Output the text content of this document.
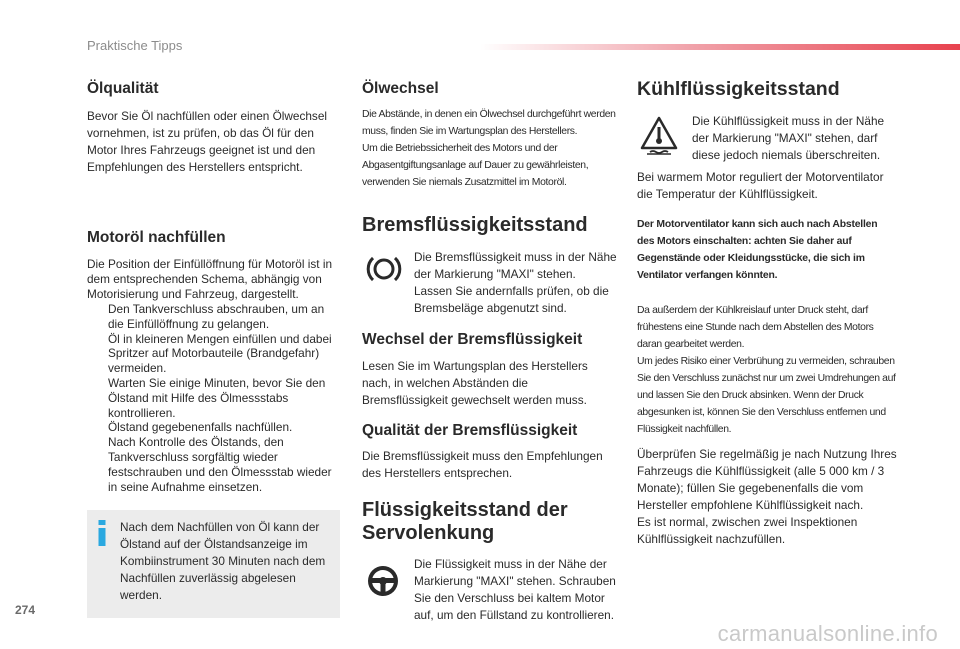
Praktische Tipps
Ölqualität

Bevor Sie Öl nachfüllen oder einen Ölwechsel vornehmen, ist zu prüfen, ob das Öl für den Motor Ihres Fahrzeugs geeignet ist und den Empfehlungen des Herstellers entspricht.

Motoröl nachfüllen

Die Position der Einfüllöffnung für Motoröl ist in dem entsprechenden Schema, abhängig von Motorisierung und Fahrzeug, dargestellt.

Den Tankverschluss abschrauben, um an die Einfüllöffnung zu gelangen.
Öl in kleineren Mengen einfüllen und dabei Spritzer auf Motorbauteile (Brandgefahr) vermeiden.
Warten Sie einige Minuten, bevor Sie den Ölstand mit Hilfe des Ölmessstabs kontrollieren.
Ölstand gegebenenfalls nachfüllen.
Nach Kontrolle des Ölstands, den Tankverschluss sorgfältig wieder festschrauben und den Ölmessstab wieder in seine Aufnahme einsetzen.

Nach dem Nachfüllen von Öl kann der Ölstand auf der Ölstandsanzeige im Kombiinstrument 30 Minuten nach dem Nachfüllen zuverlässig abgelesen werden.

Ölwechsel

Die Abstände, in denen ein Ölwechsel durchgeführt werden muss, finden Sie im Wartungsplan des Herstellers.

Um die Betriebssicherheit des Motors und der Abgasentgiftungsanlage auf Dauer zu gewährleisten, verwenden Sie niemals Zusatzmittel im Motoröl.

Bremsflüssigkeitsstand

Die Bremsflüssigkeit muss in der Nähe der Markierung "MAXI" stehen. Lassen Sie andernfalls prüfen, ob die Bremsbeläge abgenutzt sind.

Wechsel der Bremsflüssigkeit

Lesen Sie im Wartungsplan des Herstellers nach, in welchen Abständen die Bremsflüssigkeit gewechselt werden muss.

Qualität der Bremsflüssigkeit

Die Bremsflüssigkeit muss den Empfehlungen des Herstellers entsprechen.

Flüssigkeitsstand der
Servolenkung

Die Flüssigkeit muss in der Nähe der Markierung "MAXI" stehen. Schrauben Sie den Verschluss bei kaltem Motor auf, um den Füllstand zu kontrollieren.

Kühlflüssigkeitsstand

Die Kühlflüssigkeit muss in der Nähe der Markierung "MAXI" stehen, darf diese jedoch niemals überschreiten.

Bei warmem Motor reguliert der Motorventilator die Temperatur der Kühlflüssigkeit.

Der Motorventilator kann sich auch nach Abstellen des Motors einschalten: achten Sie daher auf Gegenstände oder Kleidungsstücke, die sich im Ventilator verfangen könnten.

Da außerdem der Kühlkreislauf unter Druck steht, darf frühestens eine Stunde nach dem Abstellen des Motors daran gearbeitet werden.

Um jedes Risiko einer Verbrühung zu vermeiden, schrauben Sie den Verschluss zunächst nur um zwei Umdrehungen auf und lassen Sie den Druck absinken. Wenn der Druck abgesunken ist, können Sie den Verschluss entfernen und Flüssigkeit nachfüllen.

Überprüfen Sie regelmäßig je nach Nutzung Ihres Fahrzeugs die Kühlflüssigkeit (alle 5 000 km / 3 Monate); füllen Sie gegebenenfalls die vom Hersteller empfohlene Kühlflüssigkeit nach.

Es ist normal, zwischen zwei Inspektionen Kühlflüssigkeit nachzufüllen.

274
carmanualsonline.info
